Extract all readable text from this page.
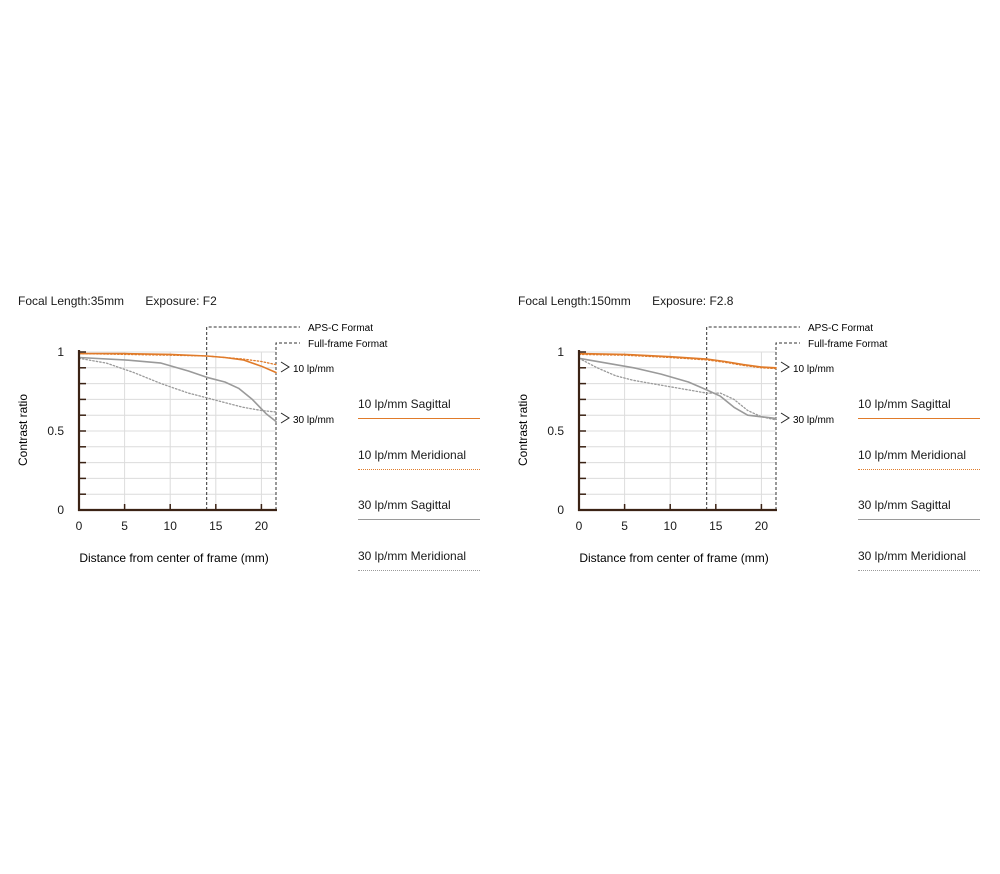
Focal Length:35mm Exposure: F2
APS-C Format
Full-frame Format
10 lp/mm
30 lp/mm
Distance from center of frame (mm)
Contrast ratio
0	5	10	15	20
0
0.5
1
10 lp/mm Sagittal
10 lp/mm Meridional
30 lp/mm Sagittal
30 lp/mm Meridional
Focal Length:150mm Exposure: F2.8
APS-C Format
Full-frame Format
10 lp/mm
30 lp/mm
Distance from center of frame (mm)
Contrast ratio
0	5	10	15	20
0
0.5
1
10 lp/mm Sagittal
10 lp/mm Meridional
30 lp/mm Sagittal
30 lp/mm Meridional
